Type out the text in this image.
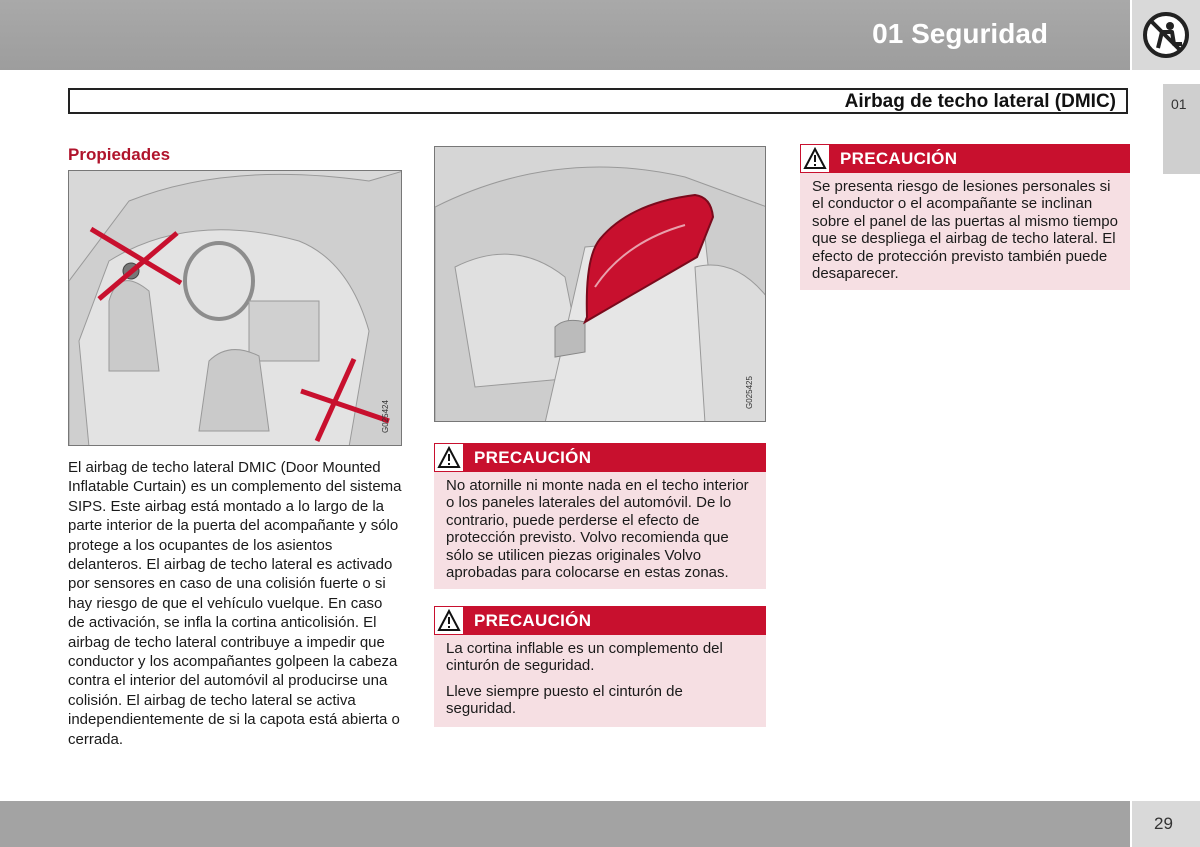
01 Seguridad
01
Airbag de techo lateral (DMIC)
Propiedades
G025424
G025425
El airbag de techo lateral DMIC (Door Mounted Inflatable Curtain) es un complemento del sistema SIPS. Este airbag está montado a lo largo de la parte interior de la puerta del acompañante y sólo protege a los ocupantes de los asientos delanteros. El airbag de techo lateral es activado por sensores en caso de una colisión fuerte o si hay riesgo de que el vehículo vuelque. En caso de activación, se infla la cortina anticolisión. El airbag de techo lateral contribuye a impedir que conductor y los acompañantes golpeen la cabeza contra el interior del automóvil al producirse una colisión. El airbag de techo lateral se activa independientemente de si la capota está abierta o cerrada.
PRECAUCIÓN

No atornille ni monte nada en el techo interior o los paneles laterales del automóvil. De lo contrario, puede perderse el efecto de protección previsto. Volvo recomienda que sólo se utilicen piezas originales Volvo aprobadas para colocarse en estas zonas.

PRECAUCIÓN

La cortina inflable es un complemento del cinturón de seguridad.

Lleve siempre puesto el cinturón de seguridad.

PRECAUCIÓN

Se presenta riesgo de lesiones personales si el conductor o el acompañante se inclinan sobre el panel de las puertas al mismo tiempo que se despliega el airbag de techo lateral. El efecto de protección previsto también puede desaparecer.

29
